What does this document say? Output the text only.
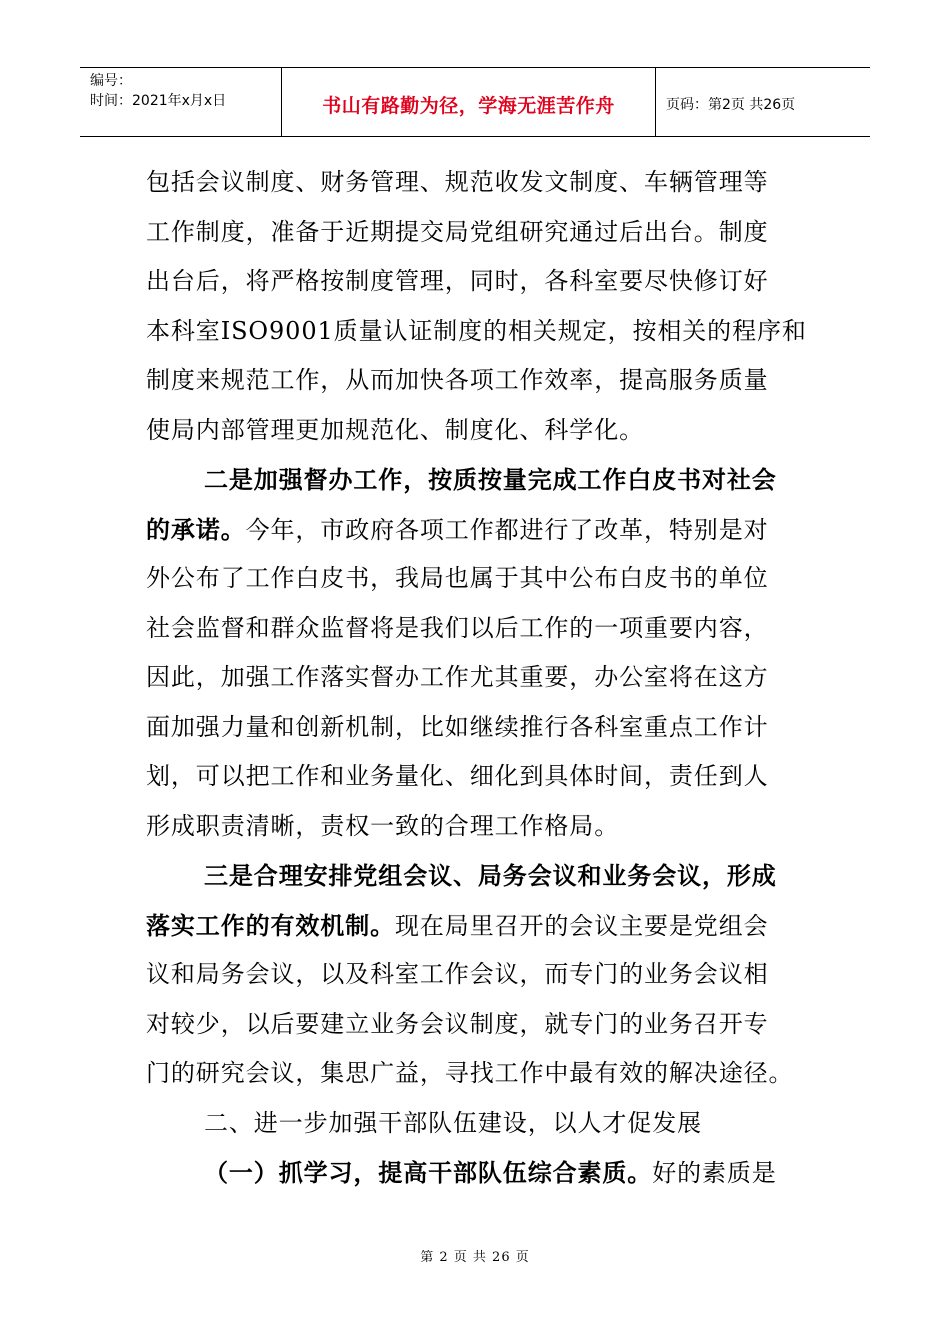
编号：
时间：2021年x月x日	书山有路勤为径，学海无涯苦作舟	页码：第2页 共26页
包括会议制度、财务管理、规范收发文制度、车辆管理等
工作制度，准备于近期提交局党组研究通过后出台。制度
出台后，将严格按制度管理，同时，各科室要尽快修订好
本科室ISO9001质量认证制度的相关规定，按相关的程序和
制度来规范工作，从而加快各项工作效率，提高服务质量
使局内部管理更加规范化、制度化、科学化。
二是加强督办工作，按质按量完成工作白皮书对社会
的承诺。今年，市政府各项工作都进行了改革，特别是对
外公布了工作白皮书，我局也属于其中公布白皮书的单位
社会监督和群众监督将是我们以后工作的一项重要内容，
因此，加强工作落实督办工作尤其重要，办公室将在这方
面加强力量和创新机制，比如继续推行各科室重点工作计
划，可以把工作和业务量化、细化到具体时间，责任到人
形成职责清晰，责权一致的合理工作格局。
三是合理安排党组会议、局务会议和业务会议，形成
落实工作的有效机制。现在局里召开的会议主要是党组会
议和局务会议，以及科室工作会议，而专门的业务会议相
对较少，以后要建立业务会议制度，就专门的业务召开专
门的研究会议，集思广益，寻找工作中最有效的解决途径。
二、进一步加强干部队伍建设，以人才促发展
（一）抓学习，提高干部队伍综合素质。好的素质是
第 2 页 共 26 页
